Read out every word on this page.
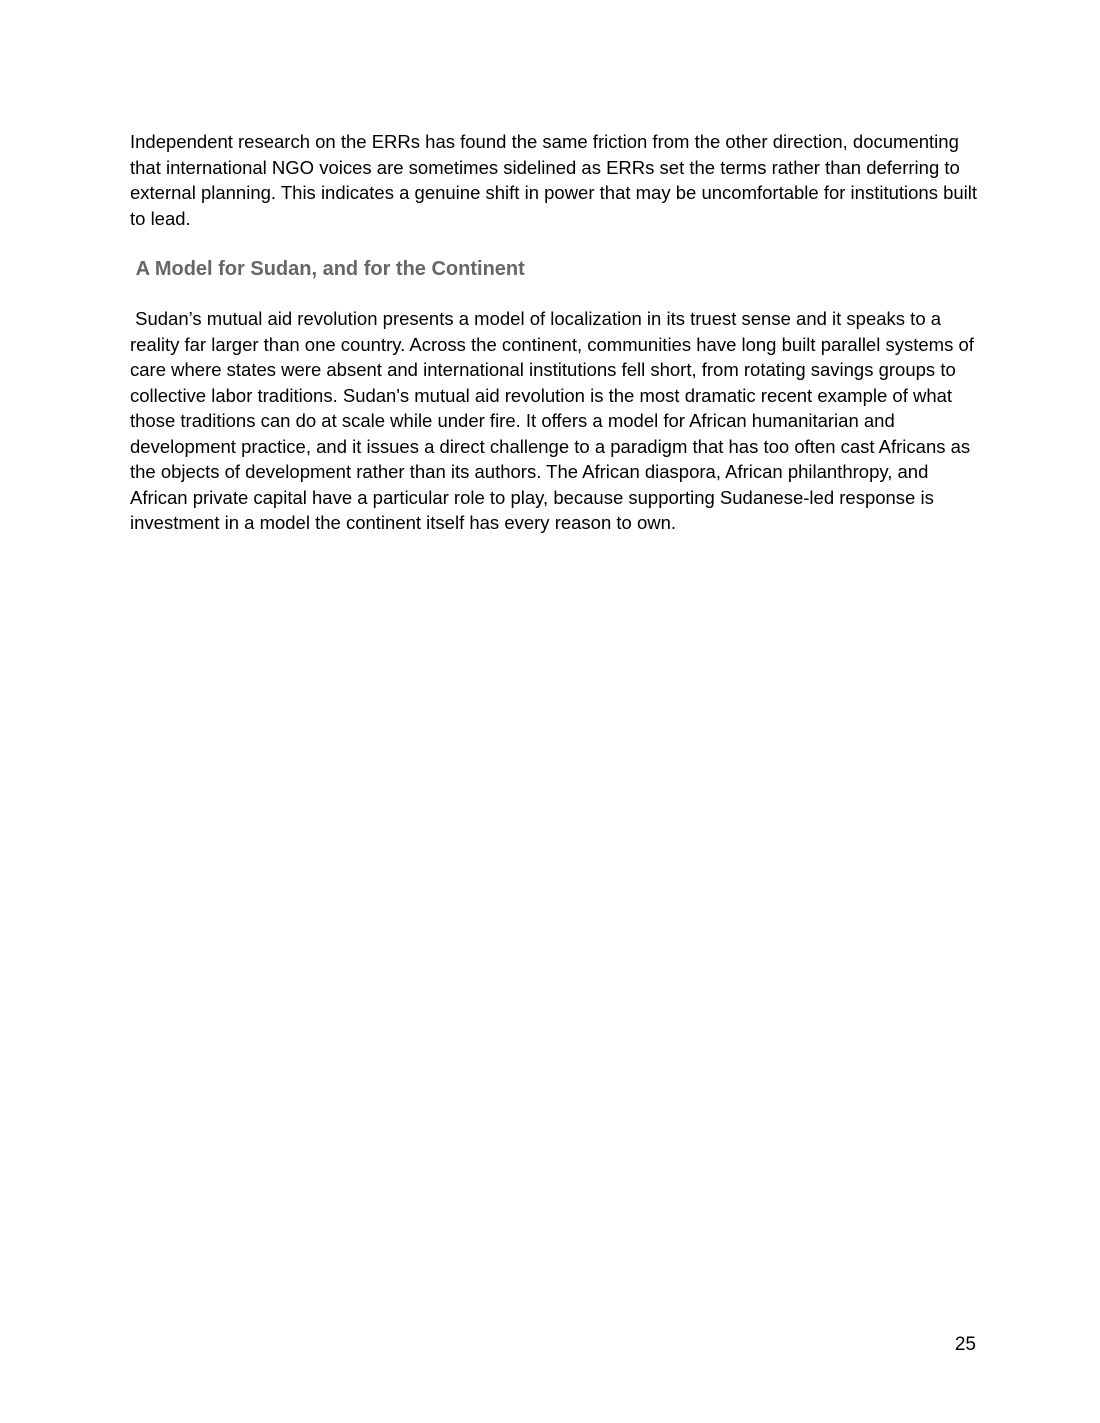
Independent research on the ERRs has found the same friction from the other direction, documenting that international NGO voices are sometimes sidelined as ERRs set the terms rather than deferring to external planning. This indicates a genuine shift in power that may be uncomfortable for institutions built to lead.

A Model for Sudan, and for the Continent

Sudan’s mutual aid revolution presents a model of localization in its truest sense and it speaks to a reality far larger than one country. Across the continent, communities have long built parallel systems of care where states were absent and international institutions fell short, from rotating savings groups to collective labor traditions. Sudan's mutual aid revolution is the most dramatic recent example of what those traditions can do at scale while under fire. It offers a model for African humanitarian and development practice, and it issues a direct challenge to a paradigm that has too often cast Africans as the objects of development rather than its authors. The African diaspora, African philanthropy, and African private capital have a particular role to play, because supporting Sudanese-led response is investment in a model the continent itself has every reason to own.

25
